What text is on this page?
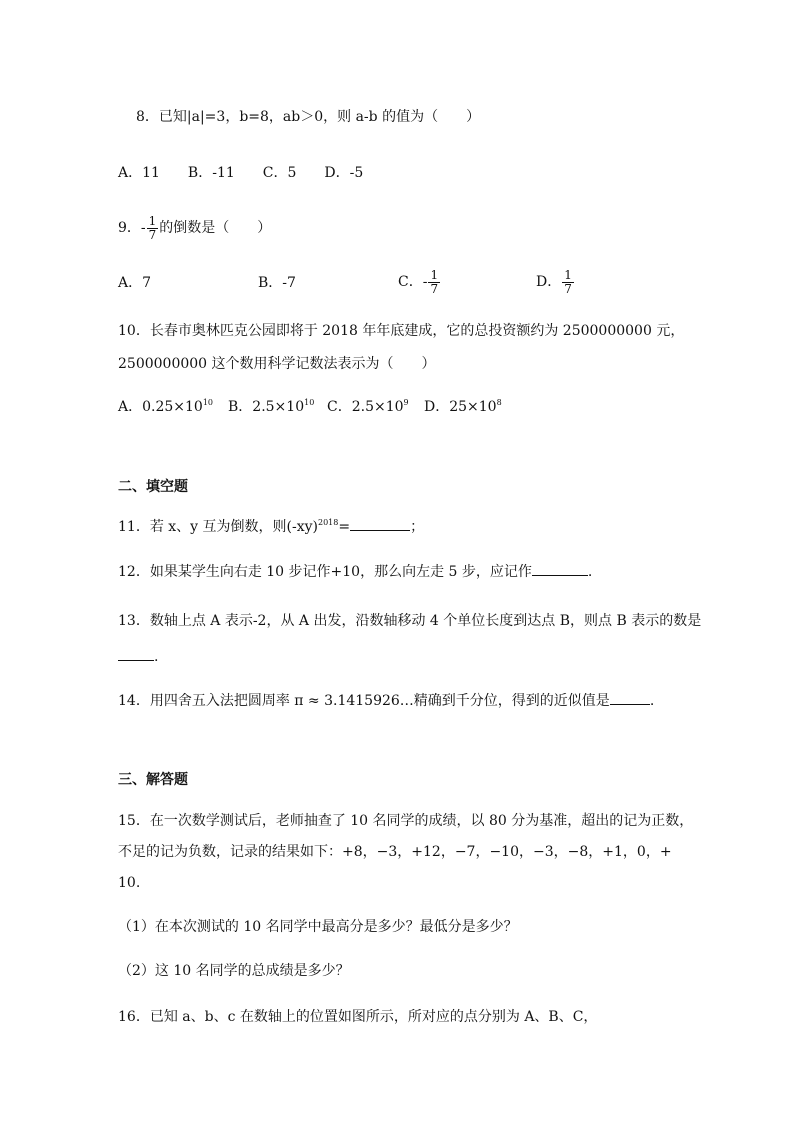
8．已知|a|=3，b=8，ab＞0，则 a-b 的值为（　　）
A．11　　B．-11　　C．5　　D．-5
9．- $\frac{1}{7}$ 的倒数是（　　）
A．7	B．-7	C．- $\frac{1}{7}$	D． $\frac{1}{7}$
10．长春市奥林匹克公园即将于 2018 年年底建成，它的总投资额约为 2500000000 元，
2500000000 这个数用科学记数法表示为（　　）
A．$0.25\times 10^{10}$ B．$2.5\times 10^{10}$ C．$2.5\times 10^9$ D．$25\times 10^8$
二、填空题
11．若 x、y 互为倒数，则$(-xy)^{2018}=$	；
12．如果某学生向右走 10 步记作+10，那么向左走 5 步，应记作	.
13．数轴上点 A 表示-2，从 A 出发，沿数轴移动 4 个单位长度到达点 B，则点 B 表示的数是
.
14．用四舍五入法把圆周率 π ≈ 3.1415926…精确到千分位，得到的近似值是	.
三、解答题
15．在一次数学测试后，老师抽查了 10 名同学的成绩，以 80 分为基准，超出的记为正数，
不足的记为负数，记录的结果如下：+8，−3，+12，−7，−10，−3，−8，+1，0，+
10.
（1）在本次测试的 10 名同学中最高分是多少？最低分是多少？
（2）这 10 名同学的总成绩是多少？
16．已知 a、b、c 在数轴上的位置如图所示，所对应的点分别为 A、B、C，
